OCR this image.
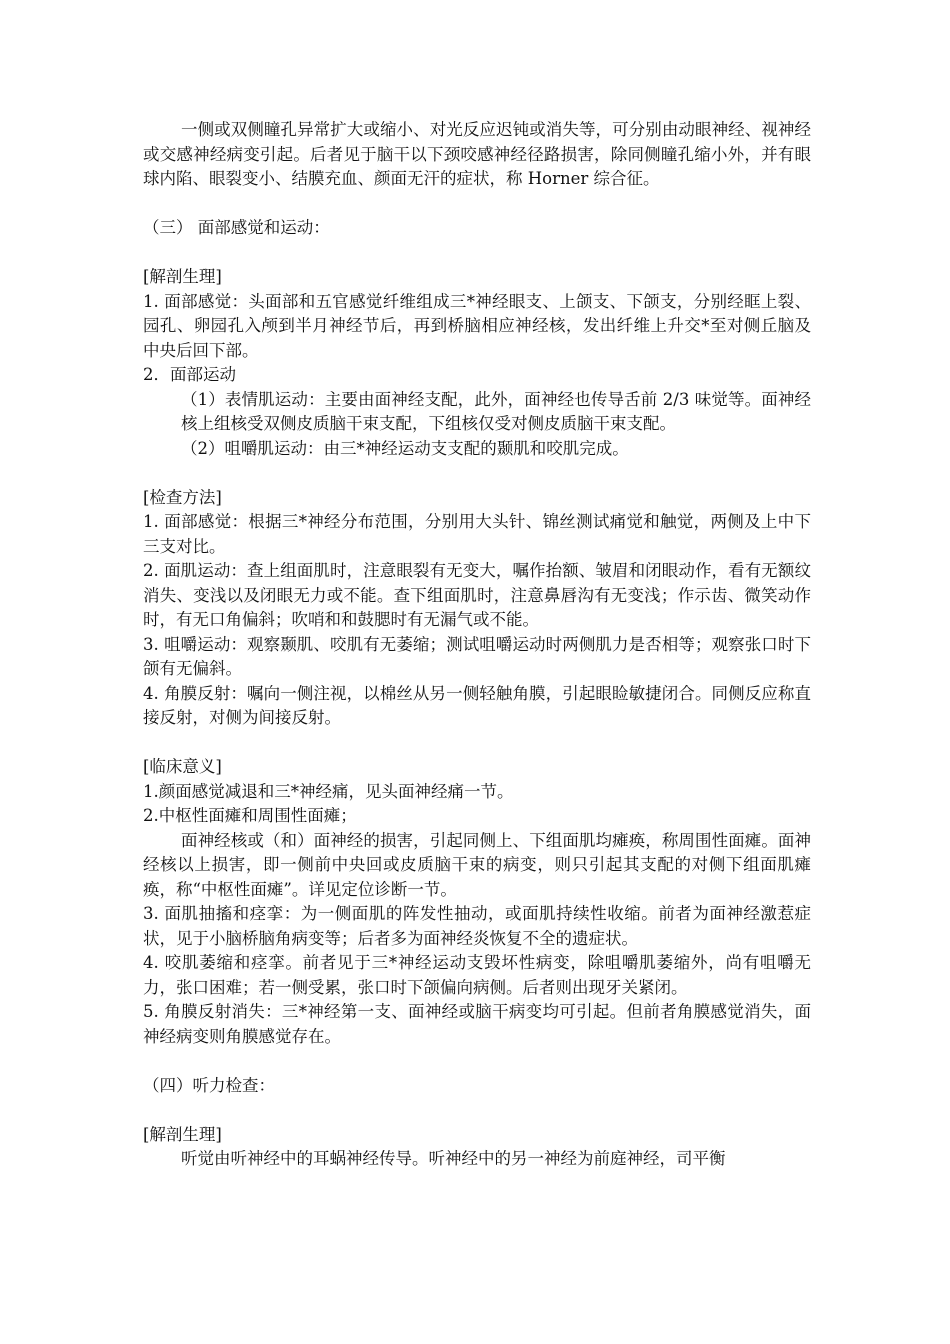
一侧或双侧瞳孔异常扩大或缩小、对光反应迟钝或消失等，可分别由动眼神经、视神经或交感神经病变引起。后者见于脑干以下颈咬感神经径路损害，除同侧瞳孔缩小外，并有眼球内陷、眼裂变小、结膜充血、颜面无汗的症状，称 Horner 综合征。

（三） 面部感觉和运动：

[解剖生理]

1. 面部感觉：头面部和五官感觉纤维组成三*神经眼支、上颌支、下颌支，分别经眶上裂、园孔、卵园孔入颅到半月神经节后，再到桥脑相应神经核，发出纤维上升交*至对侧丘脑及中央后回下部。

2．面部运动

（1）表情肌运动：主要由面神经支配，此外，面神经也传导舌前 2/3 味觉等。面神经核上组核受双侧皮质脑干束支配，下组核仅受对侧皮质脑干束支配。

（2）咀嚼肌运动：由三*神经运动支支配的颞肌和咬肌完成。

[检查方法]

1. 面部感觉：根据三*神经分布范围，分别用大头针、锦丝测试痛觉和触觉，两侧及上中下三支对比。

2. 面肌运动：查上组面肌时，注意眼裂有无变大，嘱作抬额、皱眉和闭眼动作，看有无额纹消失、变浅以及闭眼无力或不能。查下组面肌时，注意鼻唇沟有无变浅；作示齿、微笑动作时，有无口角偏斜；吹哨和和鼓腮时有无漏气或不能。

3. 咀嚼运动：观察颞肌、咬肌有无萎缩；测试咀嚼运动时两侧肌力是否相等；观察张口时下颌有无偏斜。

4. 角膜反射：嘱向一侧注视，以棉丝从另一侧轻触角膜，引起眼睑敏捷闭合。同侧反应称直接反射，对侧为间接反射。

[临床意义]

1.颜面感觉减退和三*神经痛，见头面神经痛一节。

2.中枢性面瘫和周围性面瘫；

面神经核或（和）面神经的损害，引起同侧上、下组面肌均瘫痪，称周围性面瘫。面神经核以上损害，即一侧前中央回或皮质脑干束的病变，则只引起其支配的对侧下组面肌瘫痪，称“中枢性面瘫”。详见定位诊断一节。

3. 面肌抽搐和痉挛：为一侧面肌的阵发性抽动，或面肌持续性收缩。前者为面神经激惹症状，见于小脑桥脑角病变等；后者多为面神经炎恢复不全的遗症状。

4. 咬肌萎缩和痉挛。前者见于三*神经运动支毁坏性病变，除咀嚼肌萎缩外，尚有咀嚼无力，张口困难；若一侧受累，张口时下颌偏向病侧。后者则出现牙关紧闭。

5. 角膜反射消失：三*神经第一支、面神经或脑干病变均可引起。但前者角膜感觉消失，面神经病变则角膜感觉存在。

（四）听力检查：

[解剖生理]

听觉由听神经中的耳蜗神经传导。听神经中的另一神经为前庭神经，司平衡
